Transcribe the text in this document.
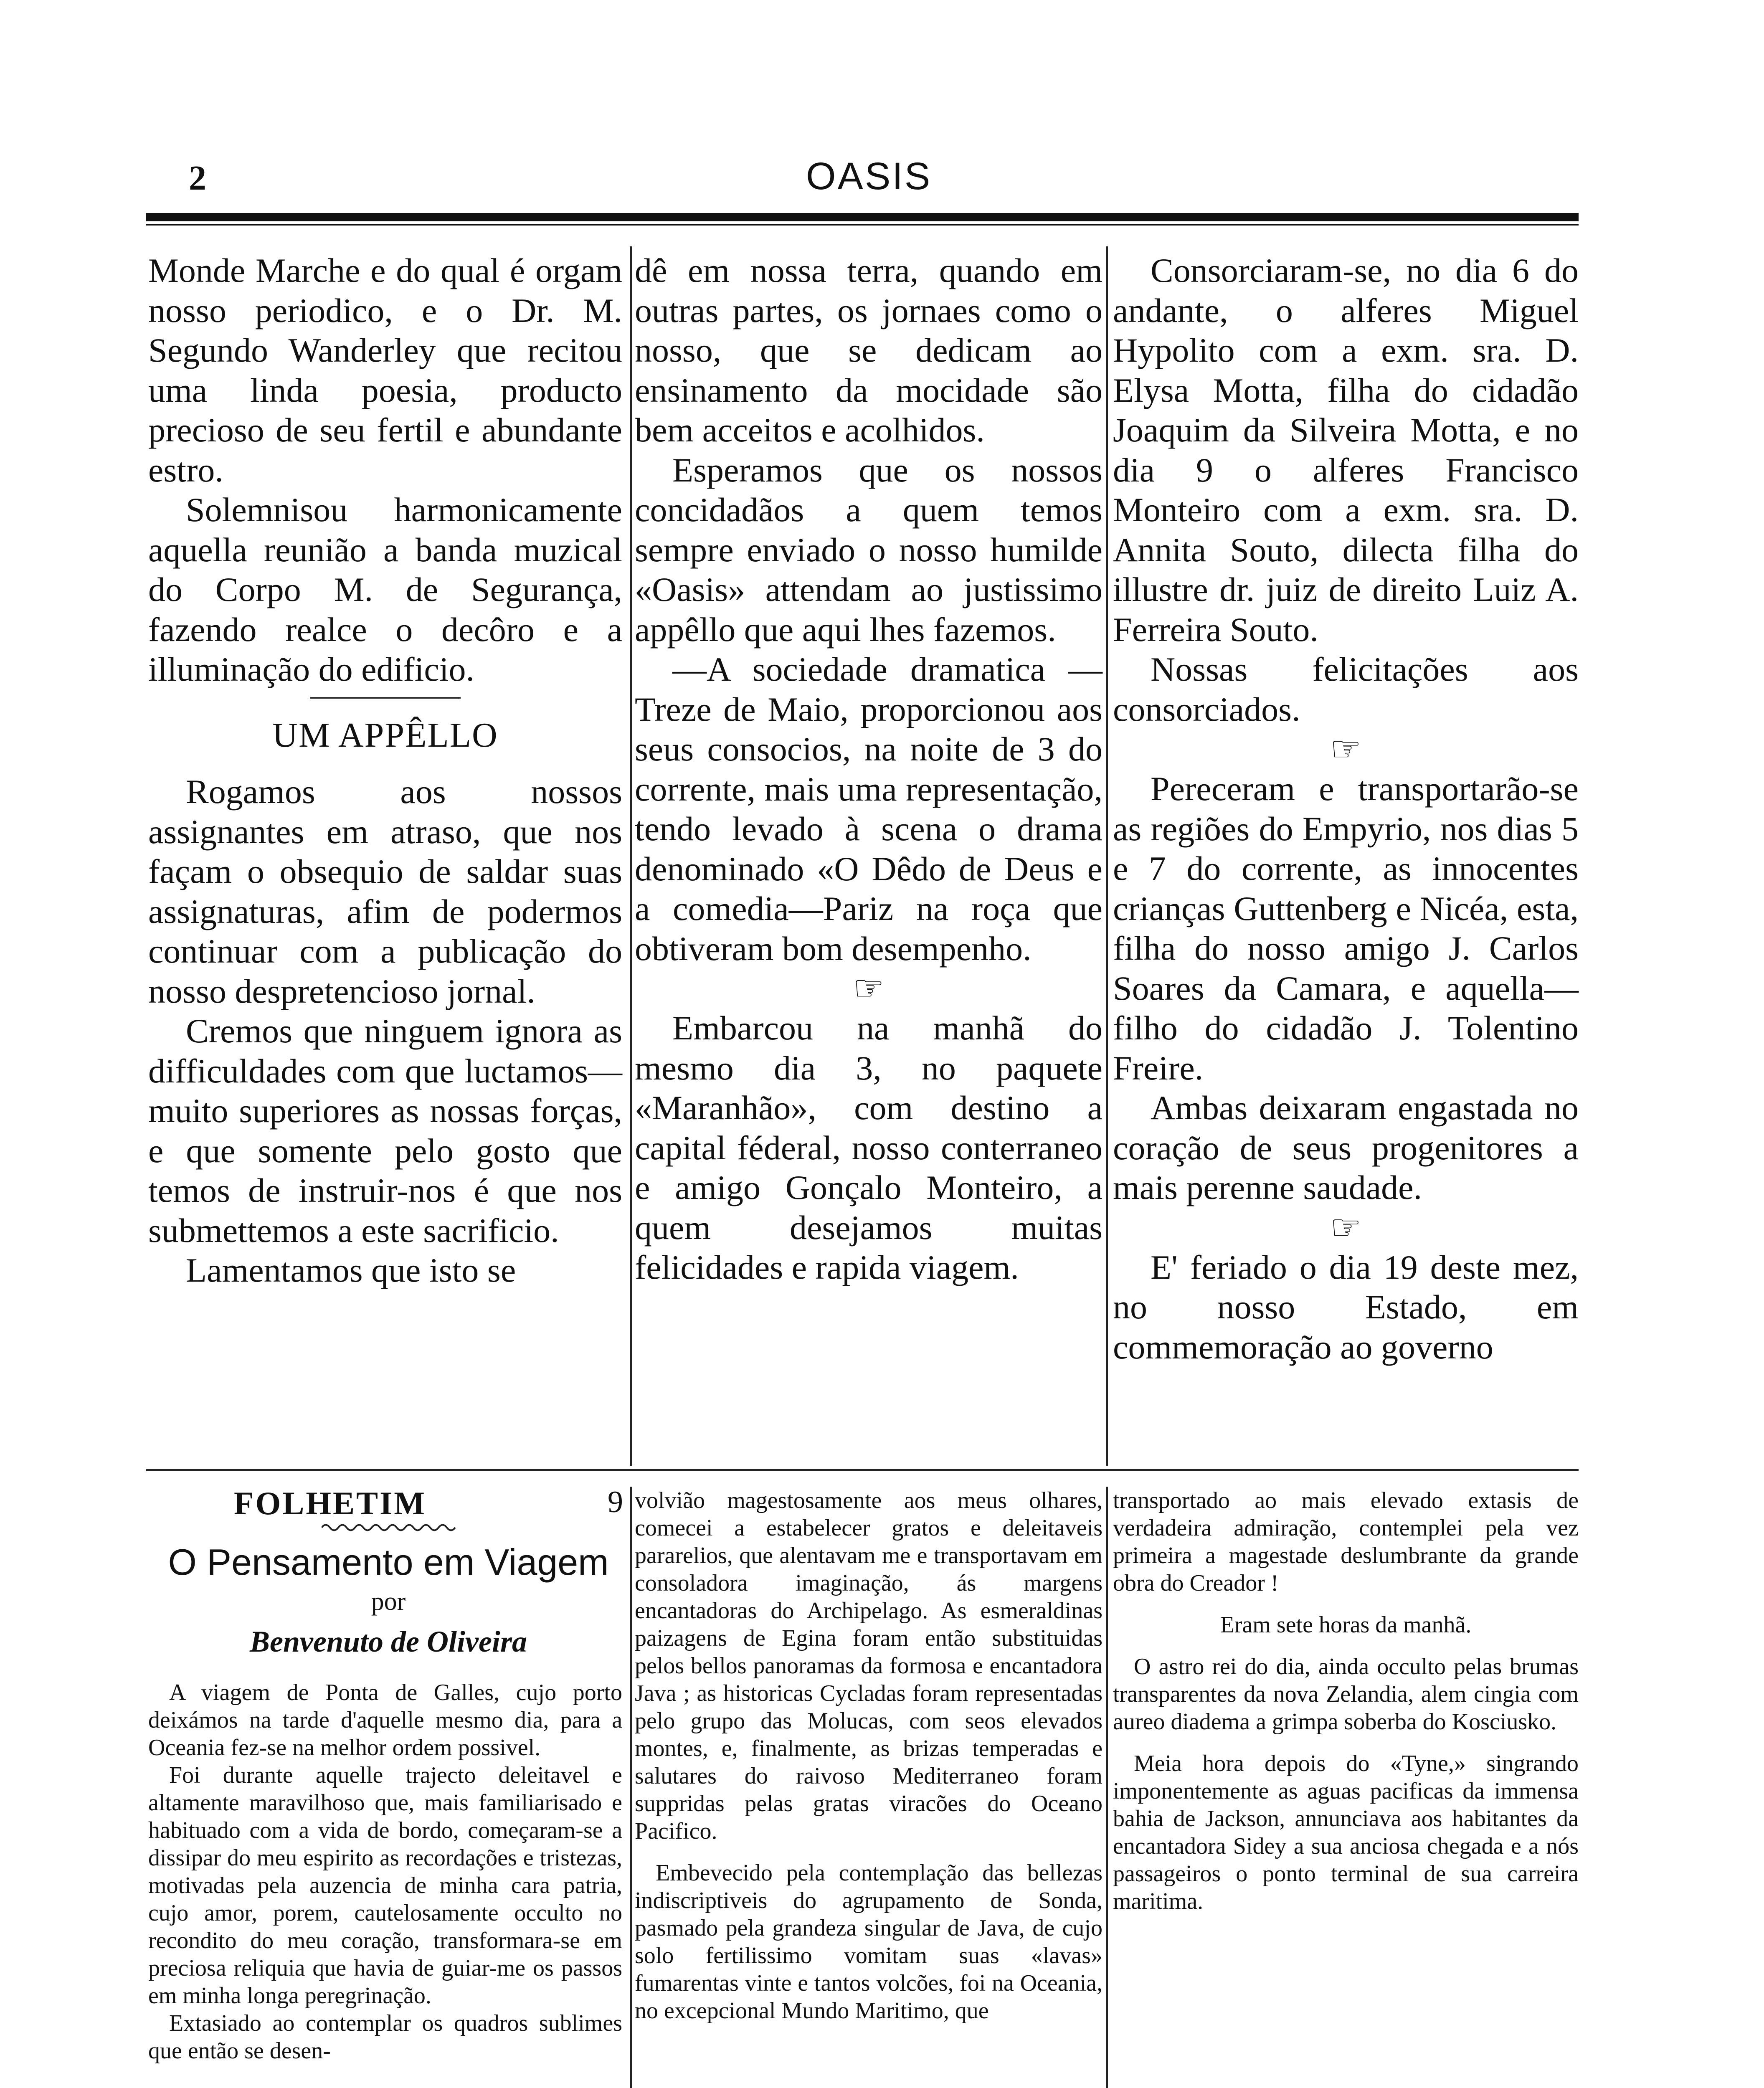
2	OASIS

Monde Marche e do qual é orgam nosso periodico, e o Dr. M. Segundo Wanderley que recitou uma linda poesia, producto precioso de seu fertil e abundante estro.

Solemnisou harmonicamente aquella reunião a banda muzical do Corpo M. de Segurança, fazendo realce o decôro e a illuminação do edificio.

UM APPÊLLO

Rogamos aos nossos assignantes em atraso, que nos façam o obsequio de saldar suas assignaturas, afim de podermos continuar com a publicação do nosso despretencioso jornal.

Cremos que ninguem ignora as difficuldades com que luctamos—muito superiores as nossas forças, e que somente pelo gosto que temos de instruir-nos é que nos submettemos a este sacrificio.

Lamentamos que isto se

dê em nossa terra, quando em outras partes, os jornaes como o nosso, que se dedicam ao ensinamento da mocidade são bem acceitos e acolhidos.

Esperamos que os nossos concidadãos a quem temos sempre enviado o nosso humilde «Oasis» attendam ao justissimo appêllo que aqui lhes fazemos.

—A sociedade dramatica — Treze de Maio, proporcionou aos seus consocios, na noite de 3 do corrente, mais uma representação, tendo levado à scena o drama denominado «O Dêdo de Deus e a comedia—Pariz na roça que obtiveram bom desempenho.

☞

Embarcou na manhã do mesmo dia 3, no paquete «Maranhão», com destino a capital féderal, nosso conterraneo e amigo Gonçalo Monteiro, a quem desejamos muitas felicidades e rapida viagem.

Consorciaram-se, no dia 6 do andante, o alferes Miguel Hypolito com a exm. sra. D. Elysa Motta, filha do cidadão Joaquim da Silveira Motta, e no dia 9 o alferes Francisco Monteiro com a exm. sra. D. Annita Souto, dilecta filha do illustre dr. juiz de direito Luiz A. Ferreira Souto.

Nossas felicitações aos consorciados.

☞

Pereceram e transportarão-se as regiões do Empyrio, nos dias 5 e 7 do corrente, as innocentes crianças Guttenberg e Nicéa, esta, filha do nosso amigo J. Carlos Soares da Camara, e aquella— filho do cidadão J. Tolentino Freire.

Ambas deixaram engastada no coração de seus progenitores a mais perenne saudade.

☞

E' feriado o dia 19 deste mez, no nosso Estado, em commemoração ao governo

FOLHETIM	9
O Pensamento em Viagem
por
Benvenuto de Oliveira

A viagem de Ponta de Galles, cujo porto deixámos na tarde d'aquelle mesmo dia, para a Oceania fez-se na melhor ordem possivel.

Foi durante aquelle trajecto deleitavel e altamente maravilhoso que, mais familiarisado e habituado com a vida de bordo, começaram-se a dissipar do meu espirito as recordações e tristezas, motivadas pela auzencia de minha cara patria, cujo amor, porem, cautelosamente occulto no recondito do meu coração, transformara-se em preciosa reliquia que havia de guiar-me os passos em minha longa peregrinação.

Extasiado ao contemplar os quadros sublimes que então se desen-

volvião magestosamente aos meus olhares, comecei a estabelecer gratos e deleitaveis pararelios, que alentavam me e transportavam em consoladora imaginação, ás margens encantadoras do Archipelago. As esmeraldinas paizagens de Egina foram então substituidas pelos bellos panoramas da formosa e encantadora Java ; as historicas Cycladas foram representadas pelo grupo das Molucas, com seos elevados montes, e, finalmente, as brizas temperadas e salutares do raivoso Mediterraneo foram suppridas pelas gratas viracões do Oceano Pacifico.

Embevecido pela contemplação das bellezas indiscriptiveis do agrupamento de Sonda, pasmado pela grandeza singular de Java, de cujo solo fertilissimo vomitam suas «lavas» fumarentas vinte e tantos volcões, foi na Oceania, no excepcional Mundo Maritimo, que

transportado ao mais elevado extasis de verdadeira admiração, contemplei pela vez primeira a magestade deslumbrante da grande obra do Creador !

Eram sete horas da manhã.

O astro rei do dia, ainda occulto pelas brumas transparentes da nova Zelandia, alem cingia com aureo diadema a grimpa soberba do Kosciusko.

Meia hora depois do «Tyne,» singrando imponentemente as aguas pacificas da immensa bahia de Jackson, annunciava aos habitantes da encantadora Sidey a sua anciosa chegada e a nós passageiros o ponto terminal de sua carreira maritima.
